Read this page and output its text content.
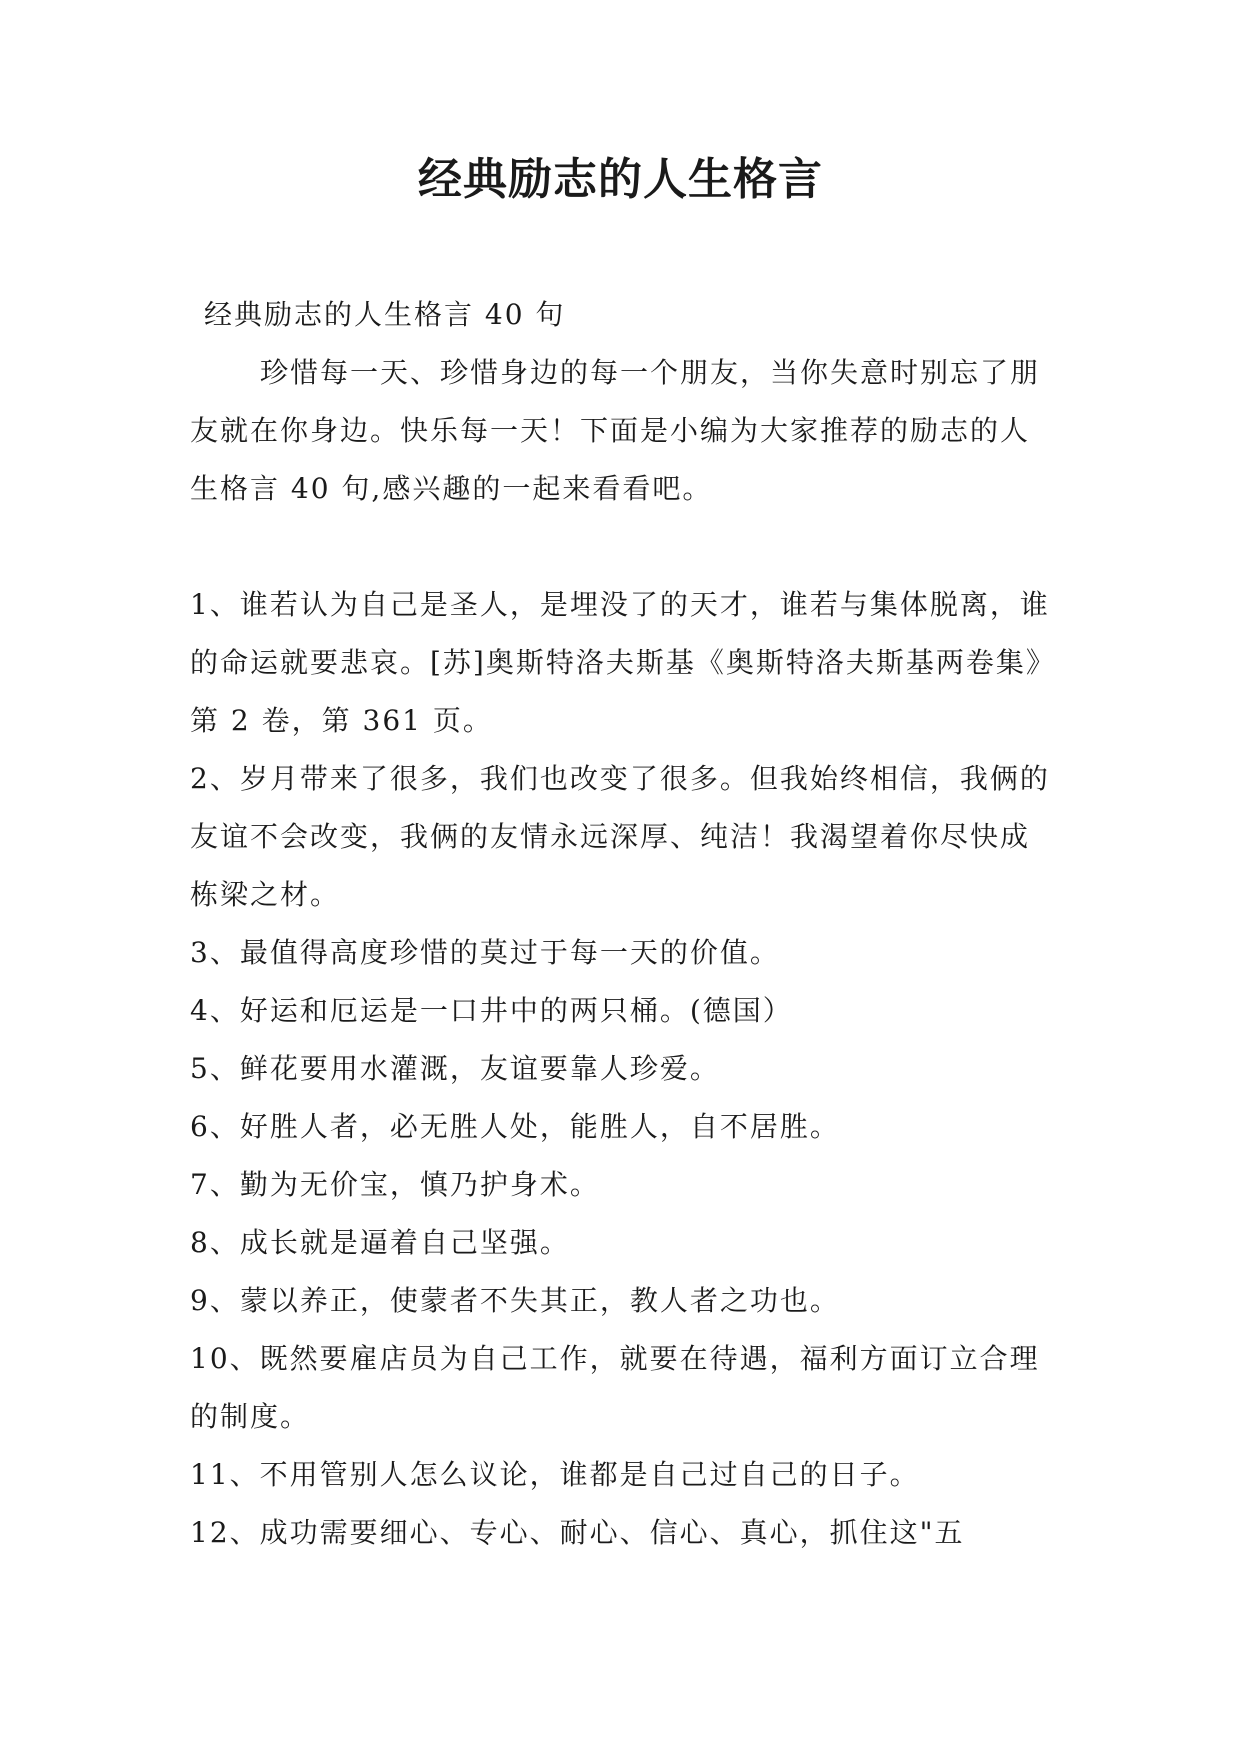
经典励志的人生格言

经典励志的人生格言 40 句

珍惜每一天、珍惜身边的每一个朋友，当你失意时别忘了朋友就在你身边。快乐每一天！下面是小编为大家推荐的励志的人生格言 40 句,感兴趣的一起来看看吧。

1、谁若认为自己是圣人，是埋没了的天才，谁若与集体脱离，谁的命运就要悲哀。[苏]奥斯特洛夫斯基《奥斯特洛夫斯基两卷集》第 2 卷，第 361 页。

2、岁月带来了很多，我们也改变了很多。但我始终相信，我俩的友谊不会改变，我俩的友情永远深厚、纯洁！我渴望着你尽快成栋梁之材。

3、最值得高度珍惜的莫过于每一天的价值。

4、好运和厄运是一口井中的两只桶。(德国）

5、鲜花要用水灌溉，友谊要靠人珍爱。

6、好胜人者，必无胜人处，能胜人，自不居胜。

7、勤为无价宝，慎乃护身术。

8、成长就是逼着自己坚强。

9、蒙以养正，使蒙者不失其正，教人者之功也。

10、既然要雇店员为自己工作，就要在待遇，福利方面订立合理的制度。

11、不用管别人怎么议论，谁都是自己过自己的日子。

12、成功需要细心、专心、耐心、信心、真心，抓住这"五
